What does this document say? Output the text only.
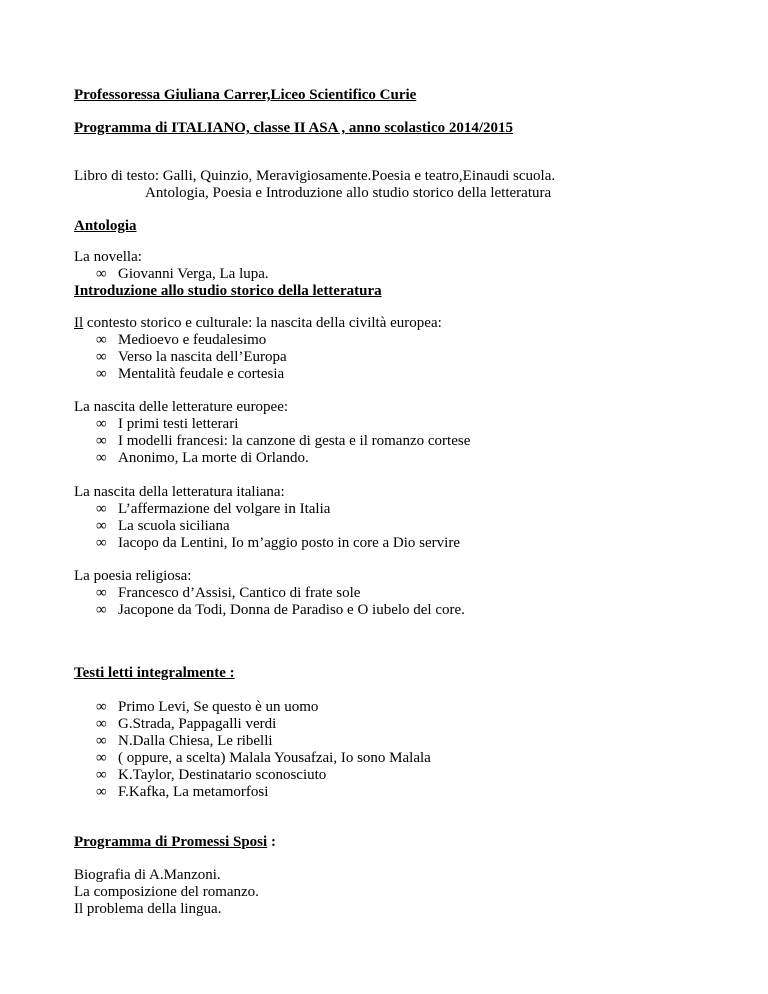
Professoressa Giuliana Carrer,Liceo Scientifico Curie
Programma di ITALIANO, classe II ASA , anno scolastico 2014/2015
Libro di testo: Galli, Quinzio, Meravigiosamente.Poesia e teatro,Einaudi scuola.
Antologia, Poesia e Introduzione allo studio storico della letteratura
Antologia
La novella:
∞ Giovanni Verga, La lupa.
Introduzione allo studio storico della letteratura
Il contesto storico e culturale: la nascita della civiltà europea:
∞ Medioevo e feudalesimo
∞ Verso la nascita dell’Europa
∞ Mentalità feudale e cortesia
La nascita delle letterature europee:
∞ I primi testi letterari
∞ I modelli francesi: la canzone di gesta e il romanzo cortese
∞ Anonimo, La morte di Orlando.
La nascita della letteratura italiana:
∞ L’affermazione del volgare in Italia
∞ La scuola siciliana
∞ Iacopo da Lentini, Io m’aggio posto in core a Dio servire
La poesia religiosa:
∞ Francesco d’Assisi, Cantico di frate sole
∞ Jacopone da Todi, Donna de Paradiso e O iubelo del core.
Testi letti integralmente :
∞ Primo Levi, Se questo è un uomo
∞ G.Strada, Pappagalli verdi
∞ N.Dalla Chiesa, Le ribelli
∞ ( oppure, a scelta) Malala Yousafzai, Io sono Malala
∞ K.Taylor, Destinatario sconosciuto
∞ F.Kafka, La metamorfosi
Programma di Promessi Sposi :
Biografia di A.Manzoni.
La composizione del romanzo.
Il problema della lingua.
